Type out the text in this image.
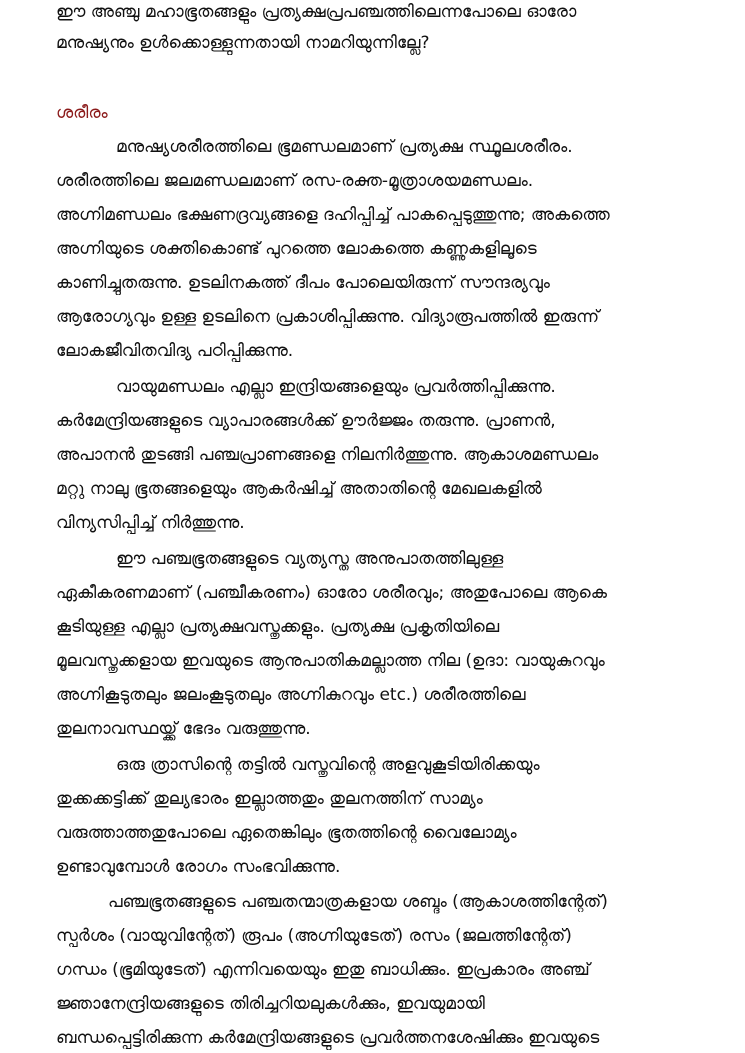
ഈ അഞ്ചു മഹാഭൂതങ്ങളും പ്രത്യക്ഷപ്രപഞ്ചത്തിലെന്നപോലെ ഓരോ
മനുഷ്യനും ഉൾക്കൊള്ളുന്നതായി നാമറിയുന്നില്ലേ?
ശരീരം
മനുഷ്യശരീരത്തിലെ ഭൂമണ്ഡലമാണ് പ്രത്യക്ഷ സ്ഥൂലശരീരം.
ശരീരത്തിലെ ജലമണ്ഡലമാണ് രസ-രക്ത-മൂത്രാശയമണ്ഡലം.
അഗ്നിമണ്ഡലം ഭക്ഷണദ്രവ്യങ്ങളെ ദഹിപ്പിച്ച് പാകപ്പെടുത്തുന്നു; അകത്തെ
അഗ്നിയുടെ ശക്തികൊണ്ട് പുറത്തെ ലോകത്തെ കണ്ണുകളിലൂടെ
കാണിച്ചുതരുന്നു. ഉടലിനകത്ത് ദീപം പോലെയിരുന്ന് സൗന്ദര്യവും
ആരോഗ്യവും ഉള്ള ഉടലിനെ പ്രകാശിപ്പിക്കുന്നു. വിദ്യാരൂപത്തിൽ ഇരുന്ന്
ലോകജീവിതവിദ്യ പഠിപ്പിക്കുന്നു.
വായുമണ്ഡലം എല്ലാ ഇന്ദ്രിയങ്ങളെയും പ്രവർത്തിപ്പിക്കുന്നു.
കർമേന്ദ്രിയങ്ങളുടെ വ്യാപാരങ്ങൾക്ക് ഊർജ്ജം തരുന്നു. പ്രാണൻ,
അപാനൻ തുടങ്ങി പഞ്ചപ്രാണങ്ങളെ നിലനിർത്തുന്നു. ആകാശമണ്ഡലം
മറ്റു നാലു ഭൂതങ്ങളെയും ആകർഷിച്ച് അതാതിന്റെ മേഖലകളിൽ
വിന്യസിപ്പിച്ച് നിർത്തുന്നു.
ഈ പഞ്ചഭൂതങ്ങളുടെ വ്യത്യസ്ത അനുപാതത്തിലുള്ള
ഏകീകരണമാണ് (പഞ്ചീകരണം) ഓരോ ശരീരവും; അതുപോലെ ആകെ
കൂടിയുള്ള എല്ലാ പ്രത്യക്ഷവസ്തുക്കളും. പ്രത്യക്ഷ പ്രകൃതിയിലെ
മൂലവസ്തുക്കളായ ഇവയുടെ ആനുപാതികമല്ലാത്ത നില (ഉദാ: വായുകുറവും
അഗ്നികൂടുതലും ജലംകൂടുതലും അഗ്നികുറവും etc.) ശരീരത്തിലെ
തുലനാവസ്ഥയ്ക്ക് ഭേദം വരുത്തുന്നു.
ഒരു ത്രാസിന്റെ തട്ടിൽ വസ്തുവിന്റെ അളവുകൂടിയിരിക്കയും
തുക്കക്കട്ടിക്ക് തുല്യഭാരം ഇല്ലാത്തതും തുലനത്തിന് സാമ്യം
വരുത്താത്തതുപോലെ ഏതെങ്കിലും ഭൂതത്തിന്റെ വൈലോമ്യം
ഉണ്ടാവുമ്പോൾ രോഗം സംഭവിക്കുന്നു.
പഞ്ചഭൂതങ്ങളുടെ പഞ്ചതന്മാത്രകളായ ശബ്ദം (ആകാശത്തിന്റേത്)
സ്പർശം (വായുവിന്റേത്) രൂപം (അഗ്നിയുടേത്) രസം (ജലത്തിന്റേത്)
ഗന്ധം (ഭൂമിയുടേത്) എന്നിവയെയും ഇതു ബാധിക്കും. ഇപ്രകാരം അഞ്ച്
ജ്ഞാനേന്ദ്രിയങ്ങളുടെ തിരിച്ചറിയലുകൾക്കും, ഇവയുമായി
ബന്ധപ്പെട്ടിരിക്കുന്ന കർമേന്ദ്രിയങ്ങളുടെ പ്രവർത്തനശേഷിക്കും ഇവയുടെ
